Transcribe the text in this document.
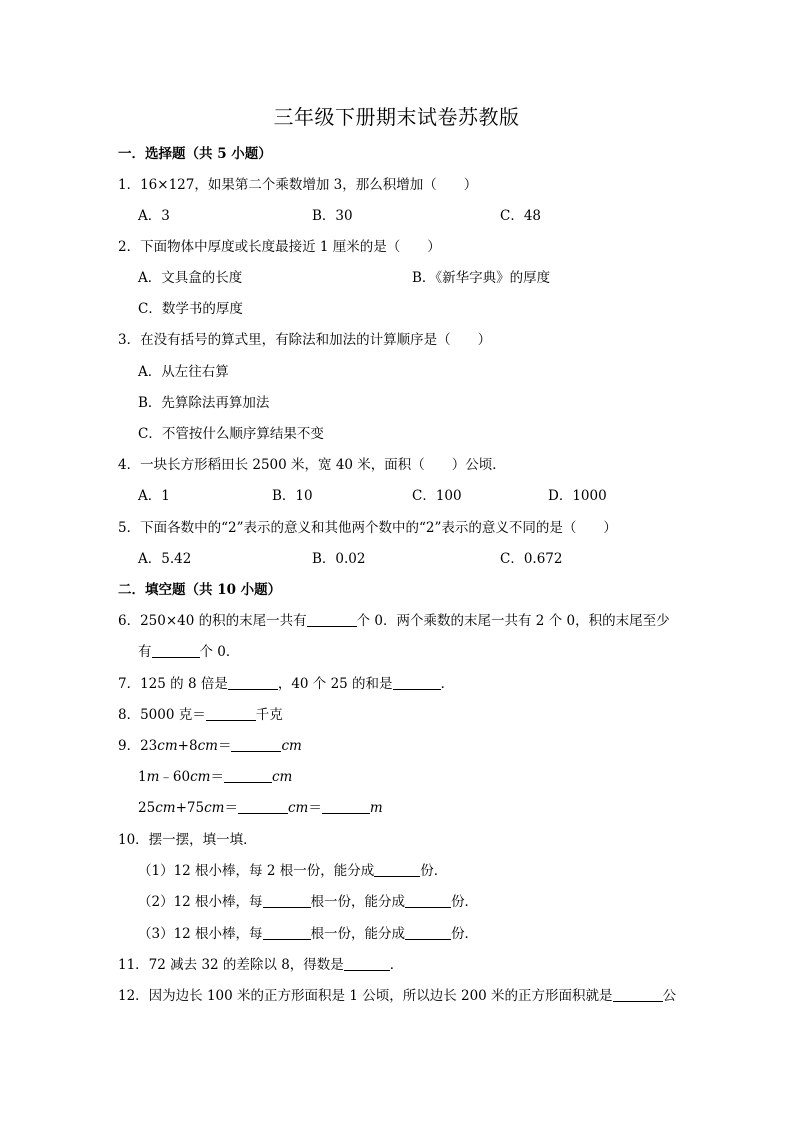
三年级下册期末试卷苏教版
一．选择题（共 5 小题）
1．16×127，如果第二个乘数增加 3，那么积增加（　　）
A．3	B．30	C．48
2．下面物体中厚度或长度最接近 1 厘米的是（　　）
A．文具盒的长度	B．《新华字典》的厚度
C．数学书的厚度
3．在没有括号的算式里，有除法和加法的计算顺序是（　　）
A．从左往右算
B．先算除法再算加法
C．不管按什么顺序算结果不变
4．一块长方形稻田长 2500 米，宽 40 米，面积（　　）公顷．
A．1	B．10	C．100	D．1000
5．下面各数中的“2”表示的意义和其他两个数中的“2”表示的意义不同的是（　　）
A．5.42	B．0.02	C．0.672
二．填空题（共 10 小题）
6．250×40 的积的末尾一共有	个 0．两个乘数的末尾一共有 2 个 0，积的末尾至少
有	个 0．
7．125 的 8 倍是	，40 个 25 的和是	．
8．5000 克＝	千克
9．23cm+8cm＝	cm
1m﹣60cm＝	cm
25cm+75cm＝	cm＝	m
10．摆一摆，填一填．
（1）12 根小棒，每 2 根一份，能分成	份．
（2）12 根小棒，每	根一份，能分成	份．
（3）12 根小棒，每	根一份，能分成	份．
11．72 减去 32 的差除以 8，得数是	．
12．因为边长 100 米的正方形面积是 1 公顷，所以边长 200 米的正方形面积就是	公
